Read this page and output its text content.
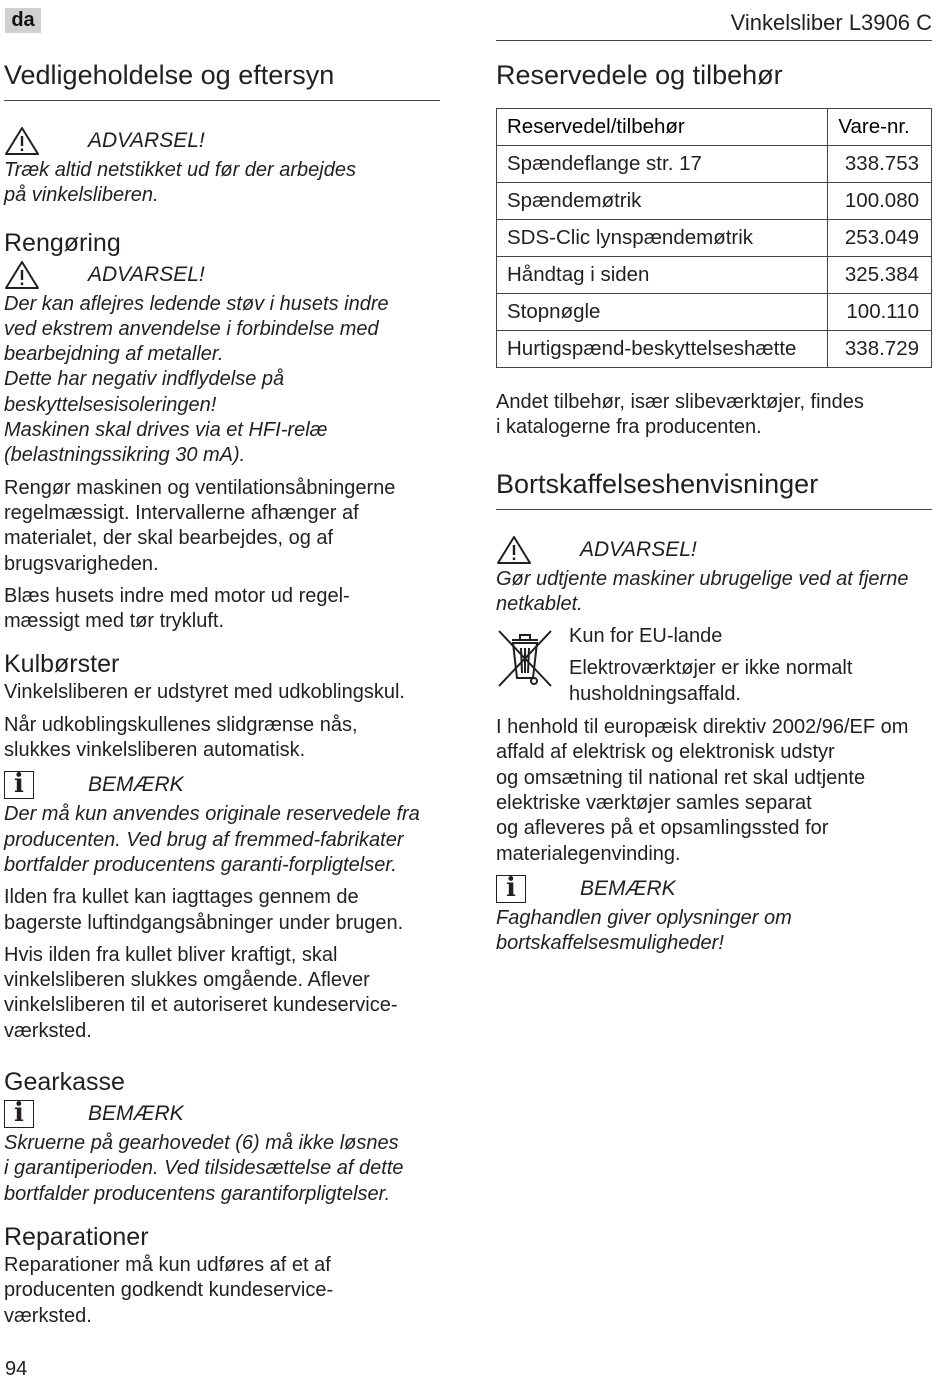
da	Vinkelsliber L3906 C
Vedligeholdelse og eftersyn
ADVARSEL!

Træk altid netstikket ud før der arbejdes

på vinkelsliberen.

Rengøring
ADVARSEL!

Der kan aflejres ledende støv i husets indre

ved ekstrem anvendelse i forbindelse med

bearbejdning af metaller.

Dette har negativ indflydelse på

beskyttelsesisoleringen!

Maskinen skal drives via et HFI-relæ

(belastningssikring 30 mA).

Rengør maskinen og ventilationsåbningerne

regelmæssigt. Intervallerne afhænger af

materialet, der skal bearbejdes, og af

brugsvarigheden.

Blæs husets indre med motor ud regel-

mæssigt med tør trykluft.

Kulbørster

Vinkelsliberen er udstyret med udkoblingskul.

Når udkoblingskullenes slidgrænse nås,

slukkes vinkelsliberen automatisk.

i	BEMÆRK

Der må kun anvendes originale reservedele fra

producenten. Ved brug af fremmed-fabrikater

bortfalder producentens garanti-forpligtelser.

Ilden fra kullet kan iagttages gennem de

bagerste luftindgangsåbninger under brugen.

Hvis ilden fra kullet bliver kraftigt, skal

vinkelsliberen slukkes omgående. Aflever

vinkelsliberen til et autoriseret kundeservice-

værksted.

Gearkasse
i	BEMÆRK

Skruerne på gearhovedet (6) må ikke løsnes

i garantiperioden. Ved tilsidesættelse af dette

bortfalder producentens garantiforpligtelser.

Reparationer

Reparationer må kun udføres af et af

producenten godkendt kundeservice-

værksted.

Reservedele og tilbehør
Reservedel/tilbehør	Vare-nr.
Spændeflange str. 17	338.753
Spændemøtrik	100.080
SDS-Clic lynspændemøtrik	253.049
Håndtag i siden	325.384
Stopnøgle	100.110
Hurtigspænd-beskyttelseshætte	338.729

Andet tilbehør, især slibeværktøjer, findes

i katalogerne fra producenten.

Bortskaffelseshenvisninger
ADVARSEL!

Gør udtjente maskiner ubrugelige ved at fjerne

netkablet.

Kun for EU-lande

Elektroværktøjer er ikke normalt

husholdningsaffald.

I henhold til europæisk direktiv 2002/96/EF om

affald af elektrisk og elektronisk udstyr

og omsætning til national ret skal udtjente

elektriske værktøjer samles separat

og afleveres på et opsamlingssted for

materialegenvinding.

i	BEMÆRK

Faghandlen giver oplysninger om

bortskaffelsesmuligheder!

94
